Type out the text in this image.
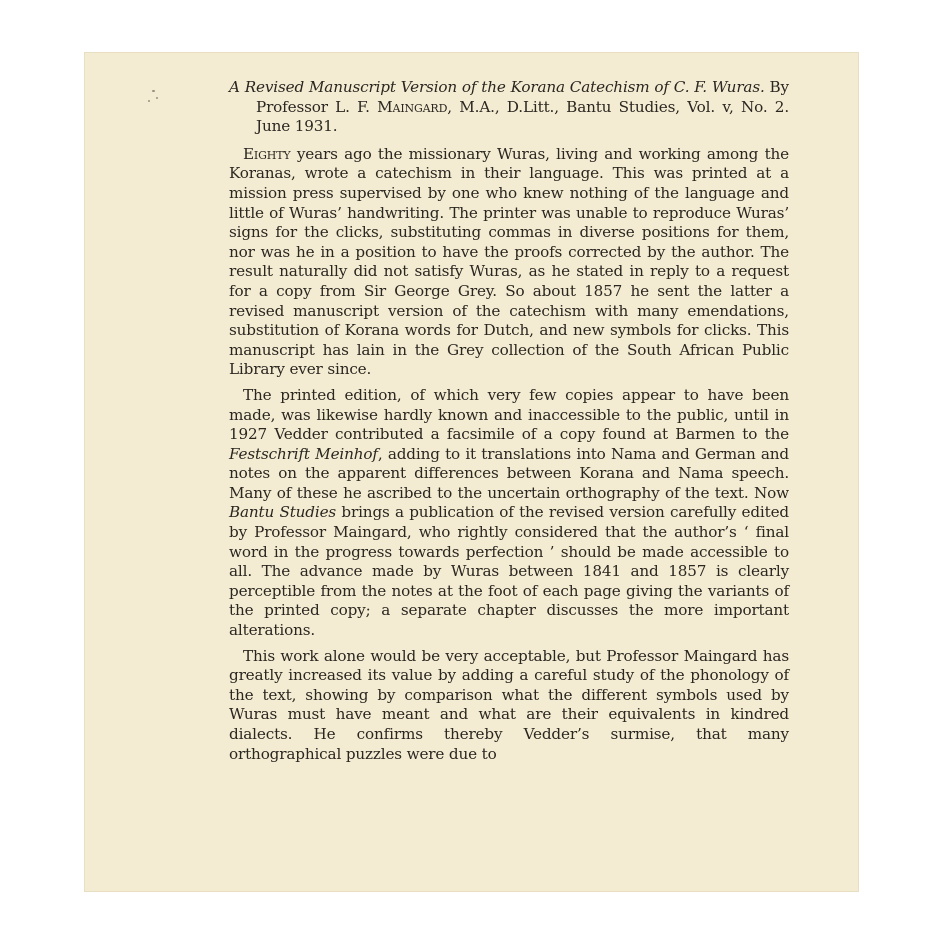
A Revised Manuscript Version of the Korana Catechism of C. F. Wuras. By Professor L. F. Maingard, M.A., D.Litt., Bantu Studies, Vol. v, No. 2. June 1931.

Eighty years ago the missionary Wuras, living and working among the Koranas, wrote a catechism in their language. This was printed at a mission press supervised by one who knew nothing of the language and little of Wuras’ handwriting. The printer was unable to reproduce Wuras’ signs for the clicks, substituting commas in diverse positions for them, nor was he in a position to have the proofs corrected by the author. The result naturally did not satisfy Wuras, as he stated in reply to a request for a copy from Sir George Grey. So about 1857 he sent the latter a revised manuscript version of the catechism with many emendations, substitution of Korana words for Dutch, and new symbols for clicks. This manuscript has lain in the Grey collection of the South African Public Library ever since.

The printed edition, of which very few copies appear to have been made, was likewise hardly known and inaccessible to the public, until in 1927 Vedder contributed a facsimile of a copy found at Barmen to the Festschrift Meinhof, adding to it translations into Nama and German and notes on the apparent differences between Korana and Nama speech. Many of these he ascribed to the uncertain orthography of the text. Now Bantu Studies brings a publication of the revised version carefully edited by Professor Maingard, who rightly considered that the author’s ‘ final word in the progress towards perfection ’ should be made accessible to all. The advance made by Wuras between 1841 and 1857 is clearly perceptible from the notes at the foot of each page giving the variants of the printed copy; a separate chapter discusses the more important alterations.

This work alone would be very acceptable, but Professor Maingard has greatly increased its value by adding a careful study of the phonology of the text, showing by comparison what the different symbols used by Wuras must have meant and what are their equivalents in kindred dialects. He confirms thereby Vedder’s surmise, that many orthographical puzzles were due to
